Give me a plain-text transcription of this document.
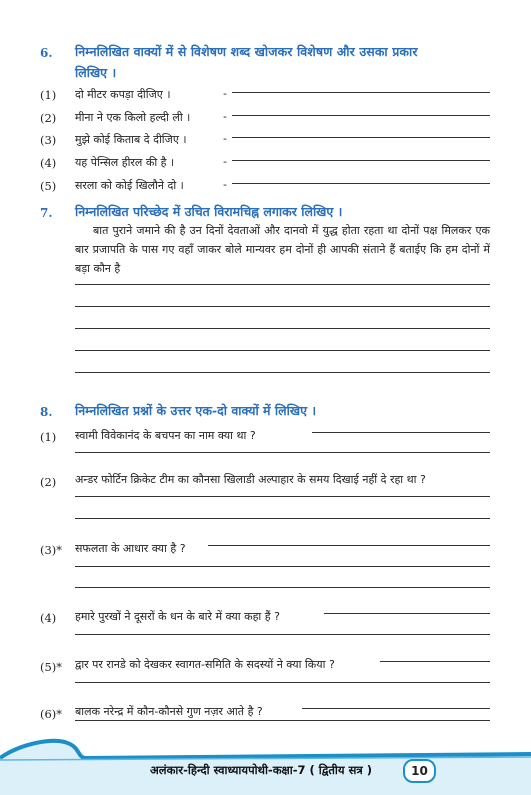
6. निम्नलिखित वाक्यों में से विशेषण शब्द खोजकर विशेषण और उसका प्रकार
लिखिए ।
(1) दो मीटर कपड़ा दीजिए ।	-
(2) मीना ने एक किलो हल्दी ली ।	-
(3) मुझे कोई किताब दे दीजिए ।	-
(4) यह पेन्सिल हीरल की है ।	-
(5) सरला को कोई खिलौने दो ।	-
7. निम्नलिखित परिच्छेद में उचित विरामचिह्न लगाकर लिखिए ।
बात पुराने जमाने की है उन दिनों देवताओं और दानवो में युद्ध होता रहता था दोनों पक्ष मिलकर एक बार प्रजापति के पास गए वहाँ जाकर बोले मान्यवर हम दोनों ही आपकी संताने हैं बताईए कि हम दोनों में बड़ा कौन है
8. निम्नलिखित प्रश्नों के उत्तर एक-दो वाक्यों में लिखिए ।
(1) स्वामी विवेकानंद के बचपन का नाम क्या था ?
(2) अन्डर फोर्टिन क्रिकेट टीम का कौनसा खिलाडी अल्पाहार के समय दिखाई नहीं दे रहा था ?
(3)* सफलता के आधार क्या है ?
(4) हमारे पुरखों ने दूसरों के धन के बारे में क्या कहा हैं ?
(5)* द्वार पर रानडे को देखकर स्वागत-समिति के सदस्यों ने क्या किया ?
(6)* बालक नरेन्द्र में कौन-कौनसे गुण नज़र आते है ?
अलंकार-हिन्दी स्वाध्यायपोथी-कक्षा-7 ( द्वितीय सत्र )	10
